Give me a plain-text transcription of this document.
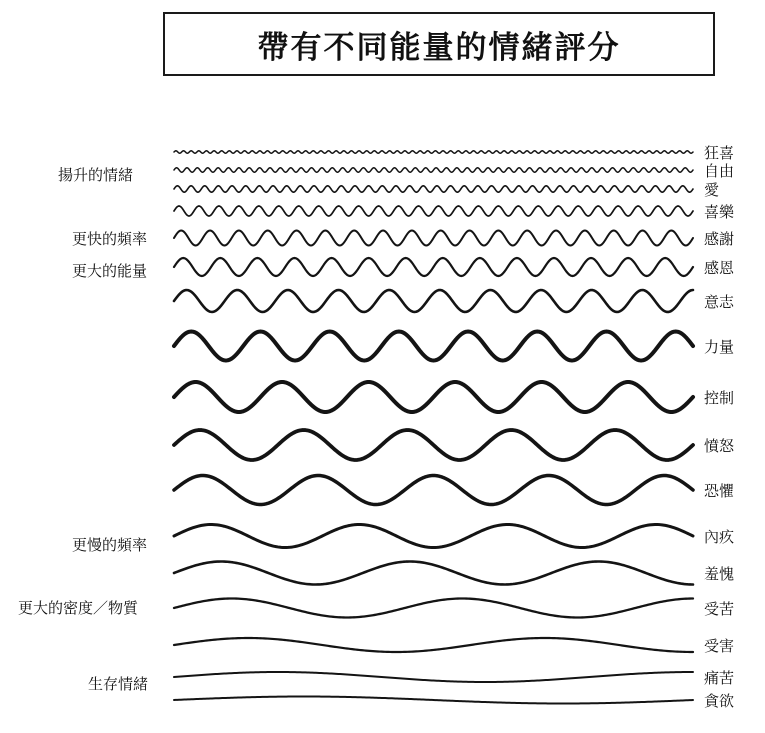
帶有不同能量的情緒評分
揚升的情緒
更快的頻率
更大的能量
更慢的頻率
更大的密度／物質
生存情緒
狂喜
自由
愛
喜樂
感謝
感恩
意志
力量
控制
憤怒
恐懼
內疚
羞愧
受苦
受害
痛苦
貪欲
